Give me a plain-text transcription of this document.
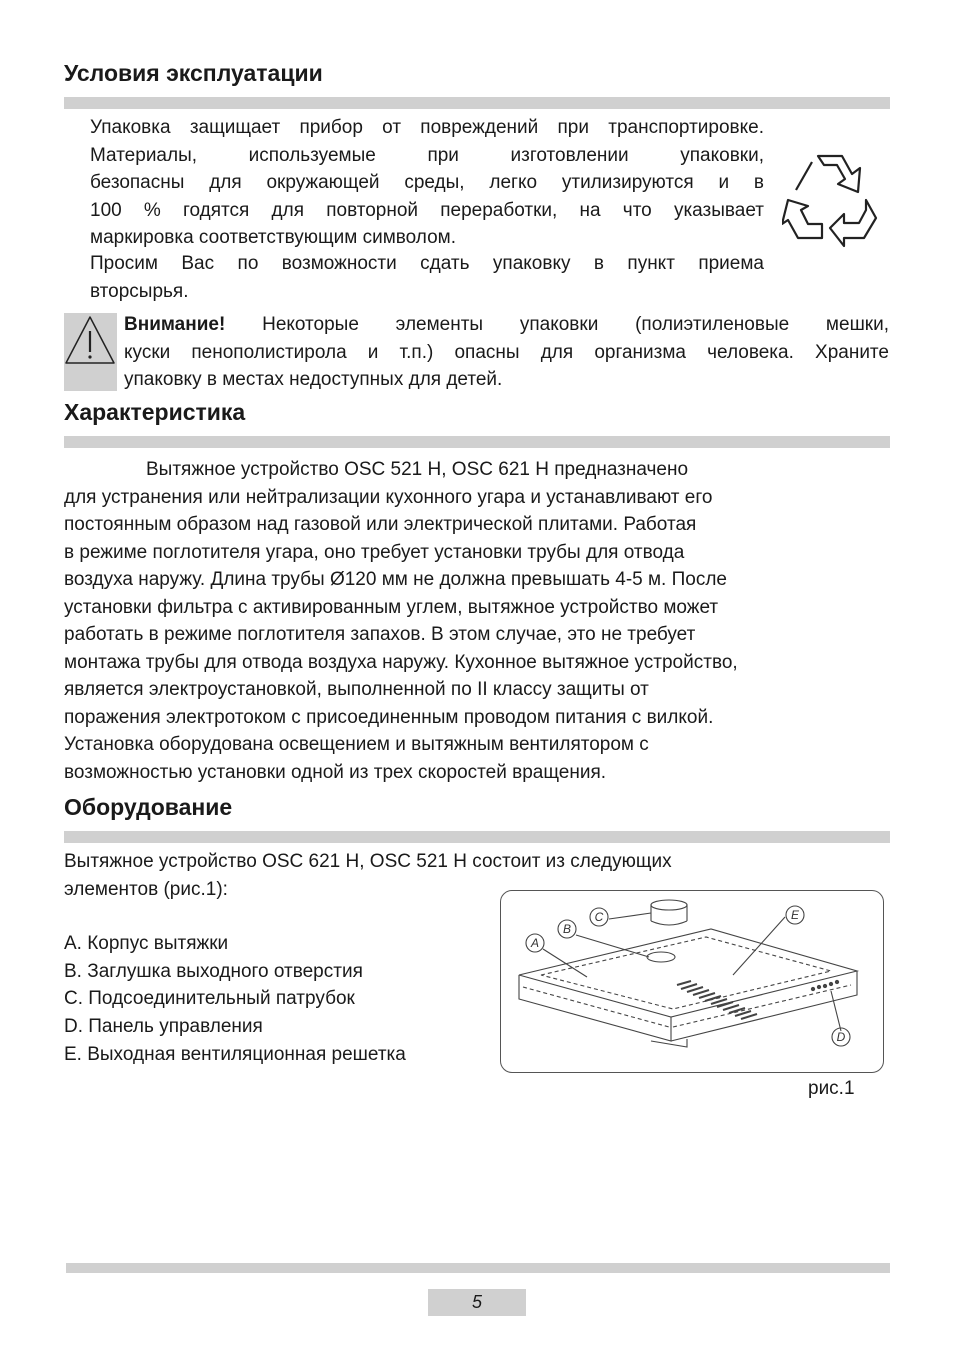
Условия эксплуатации
Упаковка защищает прибор от повреждений при транспортировке.
Материалы, используемые при изготовлении упаковки,
безопасны для окружающей среды, легко утилизируются и в
100 % годятся для повторной переработки, на что указывает
маркировка соответствующим символом.
Просим Вас по возможности сдать упаковку в пункт приема
вторсырья.
Внимание! Некоторые элементы упаковки (полиэтиленовые мешки,
куски пенополистирола и т.п.) опасны для организма человека. Храните
упаковку в местах недоступных для детей.
Характеристика
Вытяжное устройство OSC 521 H, OSC 621 H предназначено
для устранения или нейтрализации кухонного угара и устанавливают его
постоянным образом над газовой или электрической плитами. Работая
в режиме поглотителя угара, оно требует установки трубы для отвода
воздуха наружу. Длина трубы Ø120 мм не должна превышать 4-5 м. После
установки фильтра с активированным углем, вытяжное устройство может
работать в режиме поглотителя запахов. В этом случае, это не требует
монтажа трубы для отвода воздуха наружу. Кухонное вытяжное устройство,
является электроустановкой, выполненной по II классу защиты от
поражения электротоком с присоединенным проводом питания с вилкой.
Установка оборудована освещением и вытяжным вентилятором с
возможностью установки одной из трех скоростей вращения.
Оборудование
Вытяжное устройство OSC 621 H, OSC 521 H состоит из следующих
элементов (рис.1):
A. Корпус вытяжки
B. Заглушка выходного отверстия
C. Подсоединительный патрубок
D. Панель управления
E. Выходная вентиляционная решетка
A
B
C
D
E
рис.1
5
